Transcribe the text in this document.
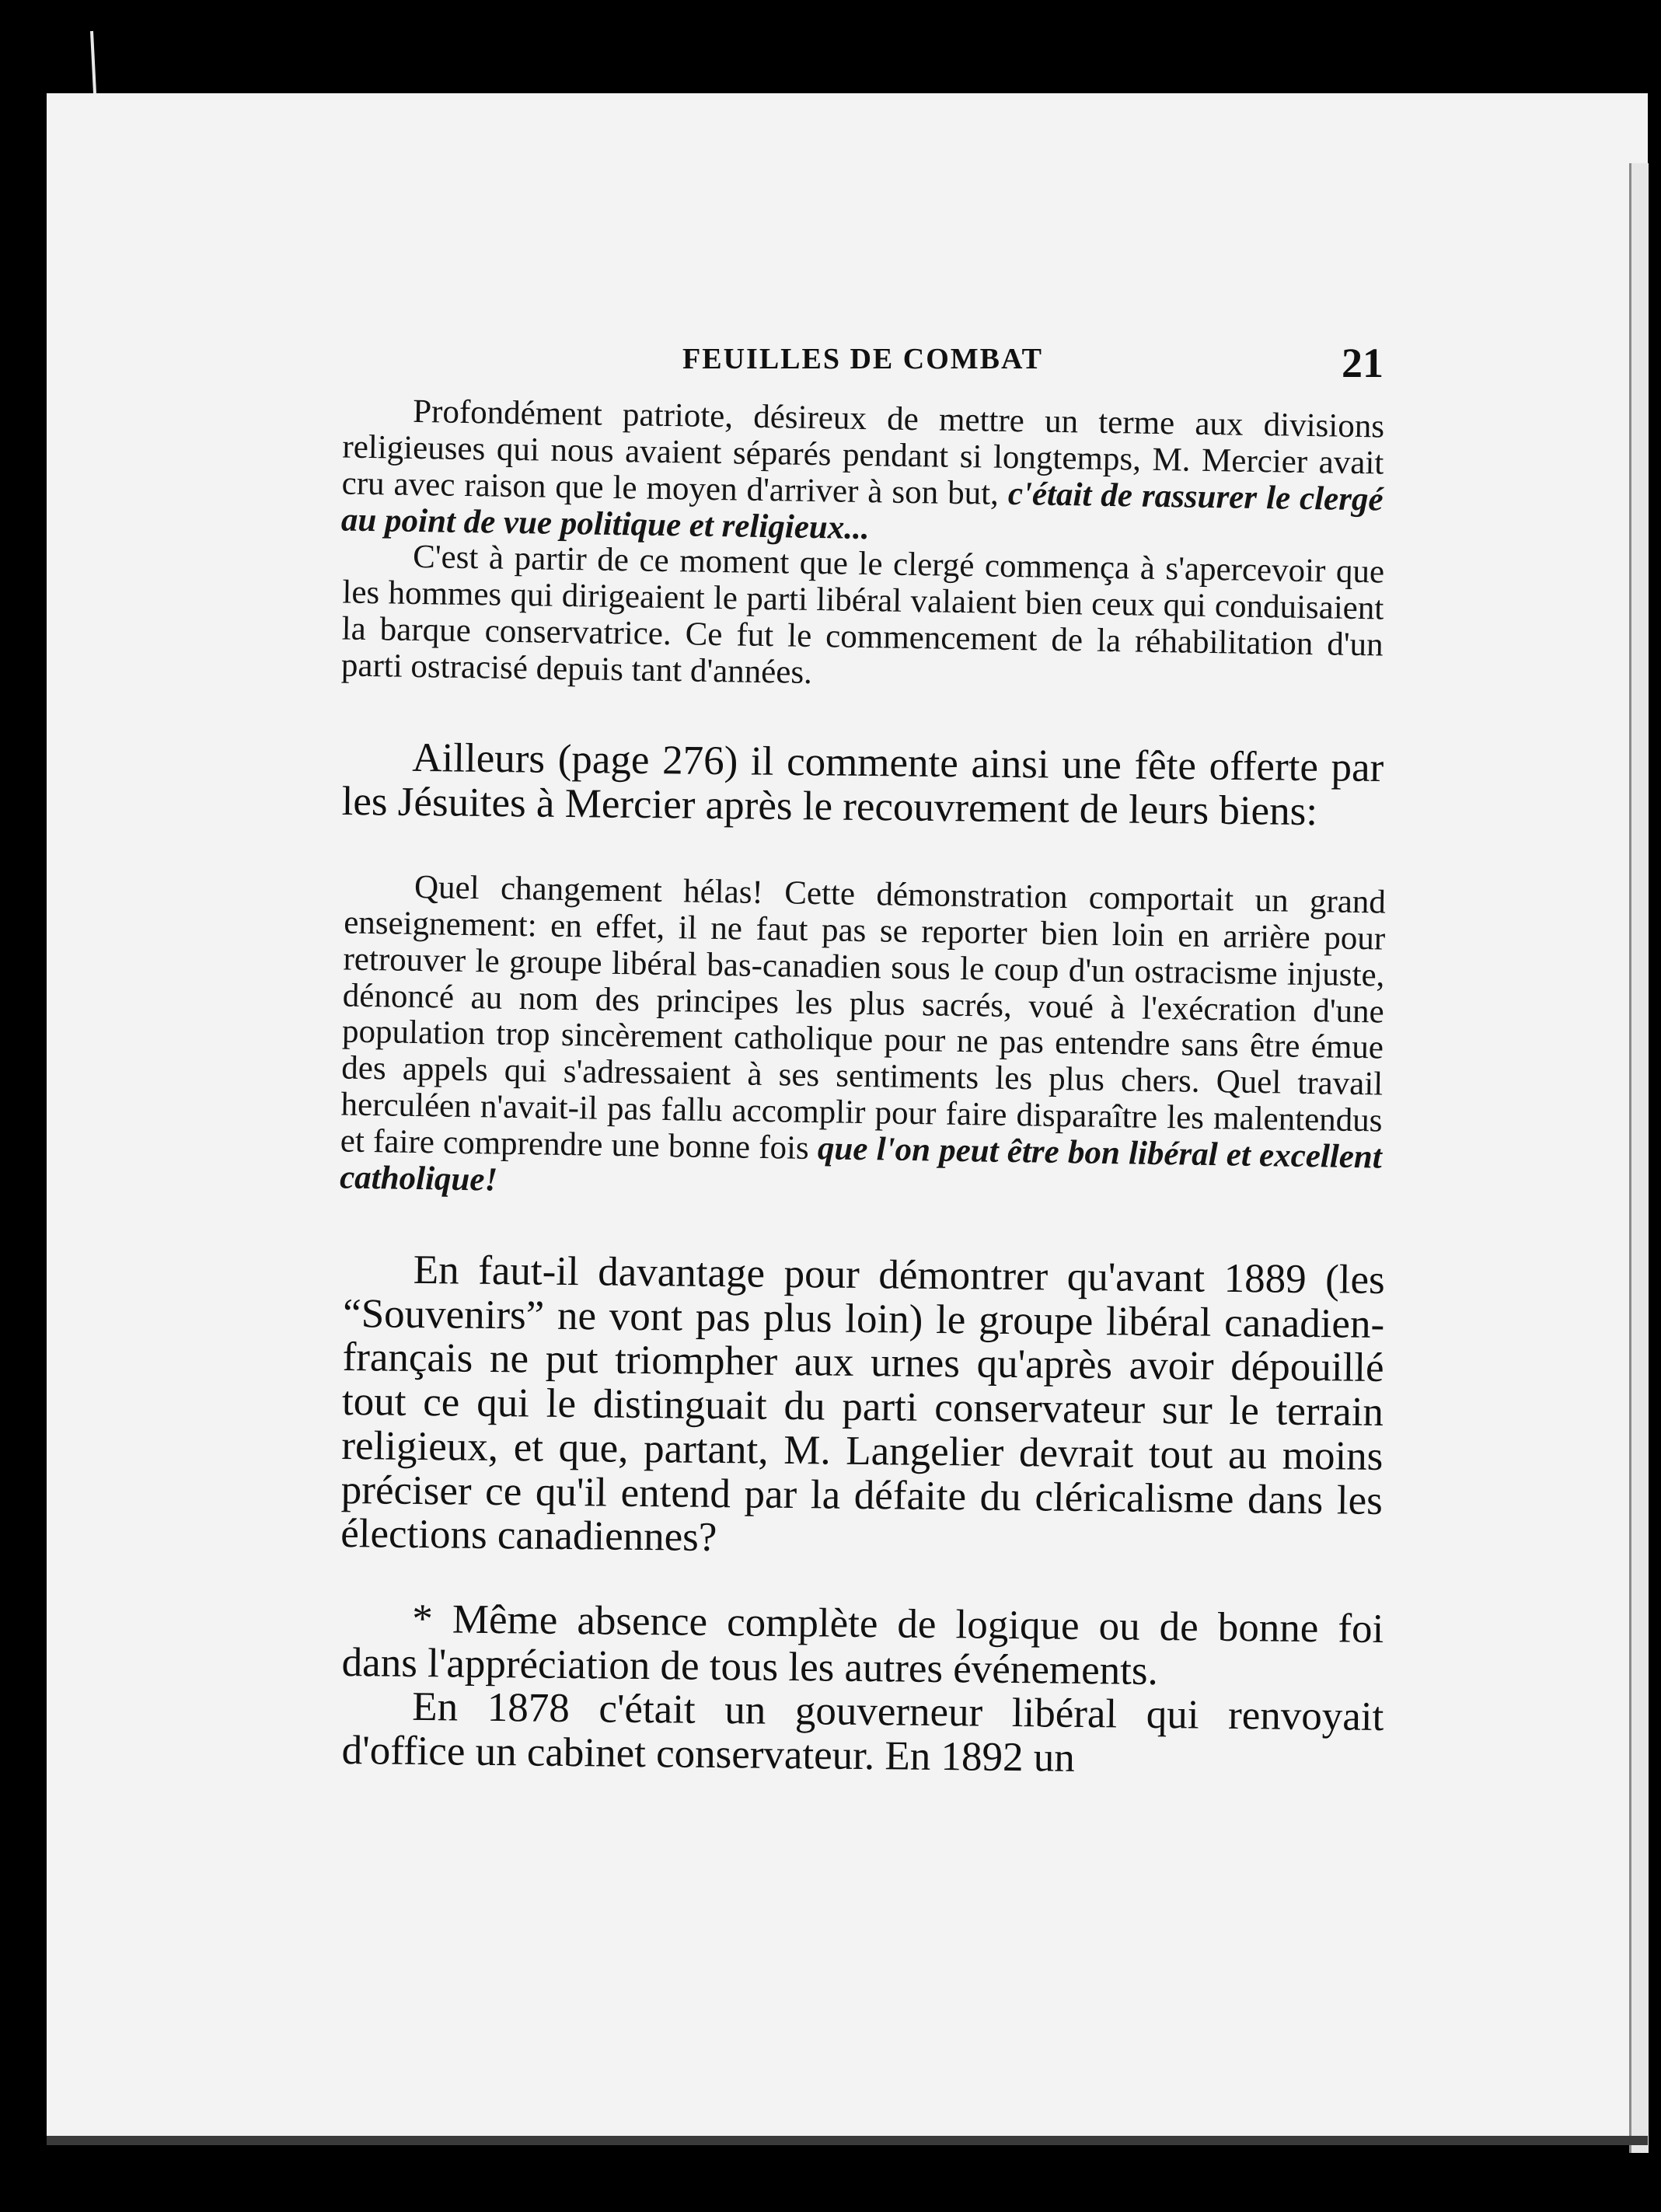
FEUILLES DE COMBAT	21

Profondément patriote, désireux de mettre un terme aux divisions religieuses qui nous avaient séparés pendant si longtemps, M. Mercier avait cru avec raison que le moyen d'arriver à son but, c'était de rassurer le clergé au point de vue politique et religieux...

C'est à partir de ce moment que le clergé commença à s'apercevoir que les hommes qui dirigeaient le parti libéral valaient bien ceux qui conduisaient la barque conservatrice. Ce fut le commencement de la réhabilitation d'un parti ostracisé depuis tant d'années.

Ailleurs (page 276) il commente ainsi une fête offerte par les Jésuites à Mercier après le recouvrement de leurs biens:

Quel changement hélas! Cette démonstration comportait un grand enseignement: en effet, il ne faut pas se reporter bien loin en arrière pour retrouver le groupe libéral bas-canadien sous le coup d'un ostracisme injuste, dénoncé au nom des principes les plus sacrés, voué à l'exécration d'une population trop sincèrement catholique pour ne pas entendre sans être émue des appels qui s'adressaient à ses sentiments les plus chers. Quel travail herculéen n'avait-il pas fallu accomplir pour faire disparaître les malentendus et faire comprendre une bonne fois que l'on peut être bon libéral et excellent catholique!

En faut-il davantage pour démontrer qu'avant 1889 (les “Souvenirs” ne vont pas plus loin) le groupe libéral canadien-français ne put triompher aux urnes qu'après avoir dépouillé tout ce qui le distinguait du parti conservateur sur le terrain religieux, et que, partant, M. Langelier devrait tout au moins préciser ce qu'il entend par la défaite du cléricalisme dans les élections canadiennes?

* Même absence complète de logique ou de bonne foi dans l'appréciation de tous les autres événements.

En 1878 c'était un gouverneur libéral qui renvoyait d'office un cabinet conservateur. En 1892 un
